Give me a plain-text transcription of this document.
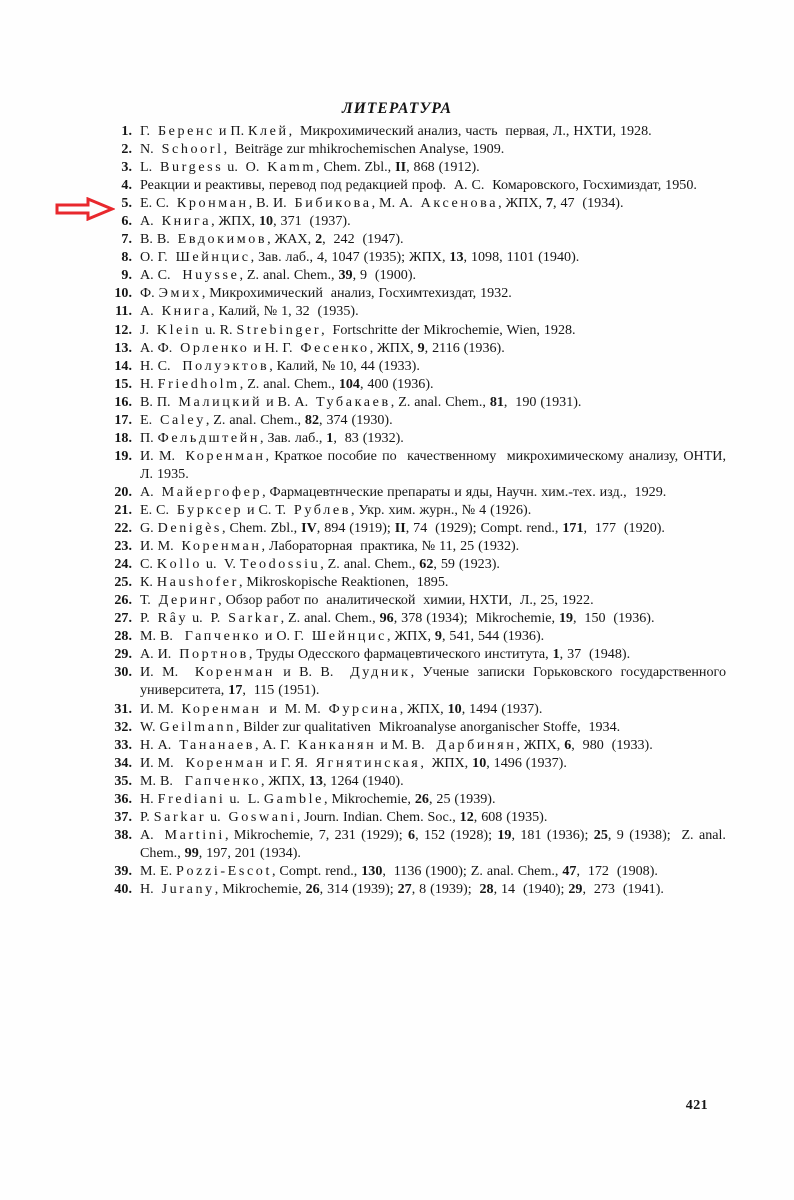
ЛИТЕРАТУРА
1. Г.  Беренс и П. Клей,  Микрохимический анализ, часть  первая, Л., НХТИ, 1928.
2. N.  Schoorl,  Beiträge zur mhikrochemischen Analyse, 1909.
3. L.  Burgess u.  O.  Kamm, Chem. Zbl., II, 868 (1912).
4. Реакции и реактивы, перевод под редакцией проф.  А. С.  Комаровского, Госхимиздат, 1950.
5. Е. С.  Кронман, В. И.  Бибикова, М. А.  Аксенова, ЖПХ, 7, 47  (1934).
6. А.  Книга, ЖПХ, 10, 371  (1937).
7. В. В.  Евдокимов, ЖАХ, 2,  242  (1947).
8. О. Г.  Шейнцис, Зав. лаб., 4, 1047 (1935); ЖПХ, 13, 1098, 1101 (1940).
9. А. С.   Huysse, Z. anal. Chem., 39, 9  (1900).
10. Ф. Эмих, Микрохимический  анализ, Госхимтехиздат, 1932.
11. А.  Книга, Калий, № 1, 32  (1935).
12. J.  Klein u. R. Strebinger,  Fortschritte der Mikrochemie, Wien, 1928.
13. А. Ф.  Орленко и Н. Г.  Фесенко, ЖПХ, 9, 2116 (1936).
14. Н. С.   Полуэктов, Калий, № 10, 44 (1933).
15. Н. Friedholm, Z. anal. Chem., 104, 400 (1936).
16. В. П.  Малицкий и В. А.  Тубакаев, Z. anal. Chem., 81,  190 (1931).
17. Е.  Caley, Z. anal. Chem., 82, 374 (1930).
18. П. Фельдштейн, Зав. лаб., 1,  83 (1932).
19. И. М.  Коренман, Краткое пособие по  качественному  микрохимическому анализу, ОНТИ, Л. 1935.
20. А.  Майергофер, Фармацевтнческие препараты и яды, Научн. хим.-тех. изд.,  1929.
21. Е. С.  Бурксер и С. Т.  Рублев, Укр. хим. журн., № 4 (1926).
22. G. Denigès, Chem. Zbl., IV, 894 (1919); II, 74  (1929); Compt. rend., 171,  177  (1920).
23. И. М.  Коренман, Лабораторная  практика, № 11, 25 (1932).
24. C. Kollo u.  V. Teodossiu, Z. anal. Chem., 62, 59 (1923).
25. К. Haushofer, Mikroskopische Reaktionen,  1895.
26. Т.  Деринг, Обзор работ по  аналитической  химии, НХТИ,  Л., 25, 1922.
27. P.  Rây u.  P.  Sarkar, Z. anal. Chem., 96, 378 (1934);  Mikrochemie, 19,  150  (1936).
28. М. В.   Гапченко и О. Г.  Шейнцис, ЖПХ, 9, 541, 544 (1936).
29. А. И.  Портнов, Труды Одесского фармацевтического института, 1, 37  (1948).
30. И. М.  Коренман и В. В.  Дудник, Ученые записки Горьковского государственного университета, 17,  115 (1951).
31. И. М.  Коренман  и  М. М.  Фурсина, ЖПХ, 10, 1494 (1937).
32. W. Geilmann, Bilder zur qualitativen  Mikroanalyse anorganischer Stoffe,  1934.
33. Н. А.  Тананаев, А. Г.  Канканян и М. В.   Дарбинян, ЖПХ, 6,  980  (1933).
34. И. М.   Коренман и Г. Я.  Ягнятинская,  ЖПХ, 10, 1496 (1937).
35. М. В.   Гапченко, ЖПХ, 13, 1264 (1940).
36. Н. Frediani u.  L. Gamble, Mikrochemie, 26, 25 (1939).
37. P. Sarkar u.  Goswani, Journ. Indian. Chem. Soc., 12, 608 (1935).
38. A.  Martini, Mikrochemie, 7, 231 (1929); 6, 152 (1928); 19, 181 (1936); 25, 9 (1938);  Z. anal. Chem., 99, 197, 201 (1934).
39. M. E. Pozzi-Escot, Compt. rend., 130,  1136 (1900); Z. anal. Chem., 47,  172  (1908).
40. H.  Jurany, Mikrochemie, 26, 314 (1939); 27, 8 (1939);  28, 14  (1940); 29,  273  (1941).
421
